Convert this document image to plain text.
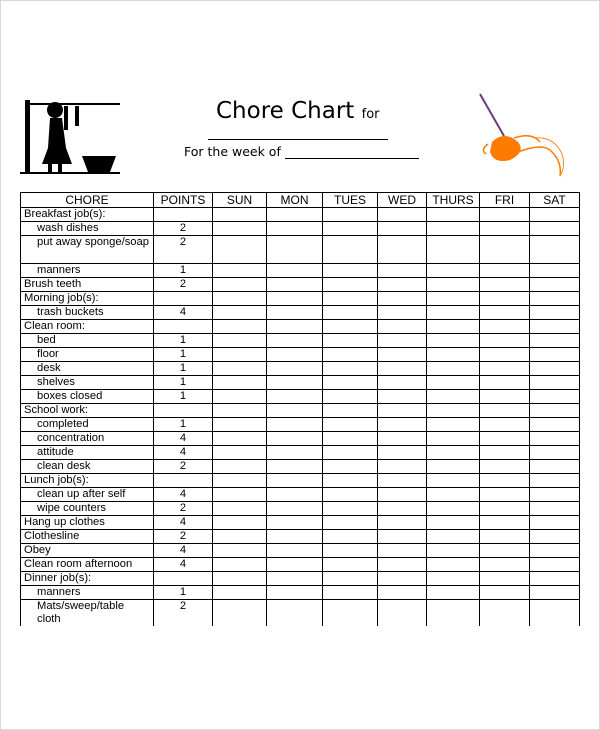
Chore Chart for
For the week of
CHORE	POINTS	SUN	MON	TUES	WED	THURS	FRI	SAT
Breakfast job(s):								
wash dishes	2							
put away sponge/soap	2							
manners	1							
Brush teeth	2							
Morning job(s):								
trash buckets	4							
Clean room:								
bed	1							
floor	1							
desk	1							
shelves	1							
boxes closed	1							
School work:								
completed	1							
concentration	4							
attitude	4							
clean desk	2							
Lunch job(s):								
clean up after self	4							
wipe counters	2							
Hang up clothes	4							
Clothesline	2							
Obey	4							
Clean room afternoon	4							
Dinner job(s):								
manners	1							
Mats/sweep/table cloth	2							
